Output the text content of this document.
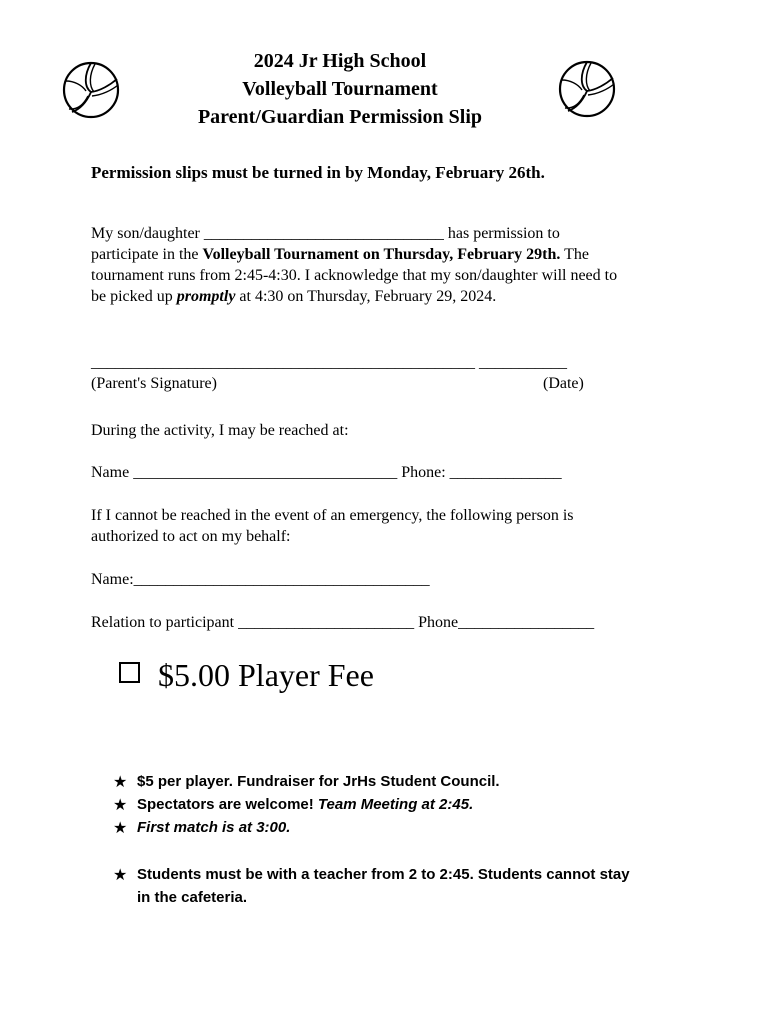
2024 Jr High School
Volleyball Tournament
Parent/Guardian Permission Slip
Permission slips must be turned in by Monday, February 26th.
My son/daughter ______________________________ has permission to
participate in the Volleyball Tournament on Thursday, February 29th. The
tournament runs from 2:45-4:30. I acknowledge that my son/daughter will need to
be picked up promptly at 4:30 on Thursday, February 29, 2024.
________________________________________________ ___________
(Parent's Signature)	(Date)
During the activity, I may be reached at:
Name _________________________________ Phone: ______________
If I cannot be reached in the event of an emergency, the following person is
authorized to act on my behalf:
Name:_____________________________________
Relation to participant ______________________ Phone_________________
$5.00 Player Fee
★ $5 per player. Fundraiser for JrHs Student Council.
★ Spectators are welcome! Team Meeting at 2:45.
★ First match is at 3:00.
★ Students must be with a teacher from 2 to 2:45. Students cannot stay
in the cafeteria.
